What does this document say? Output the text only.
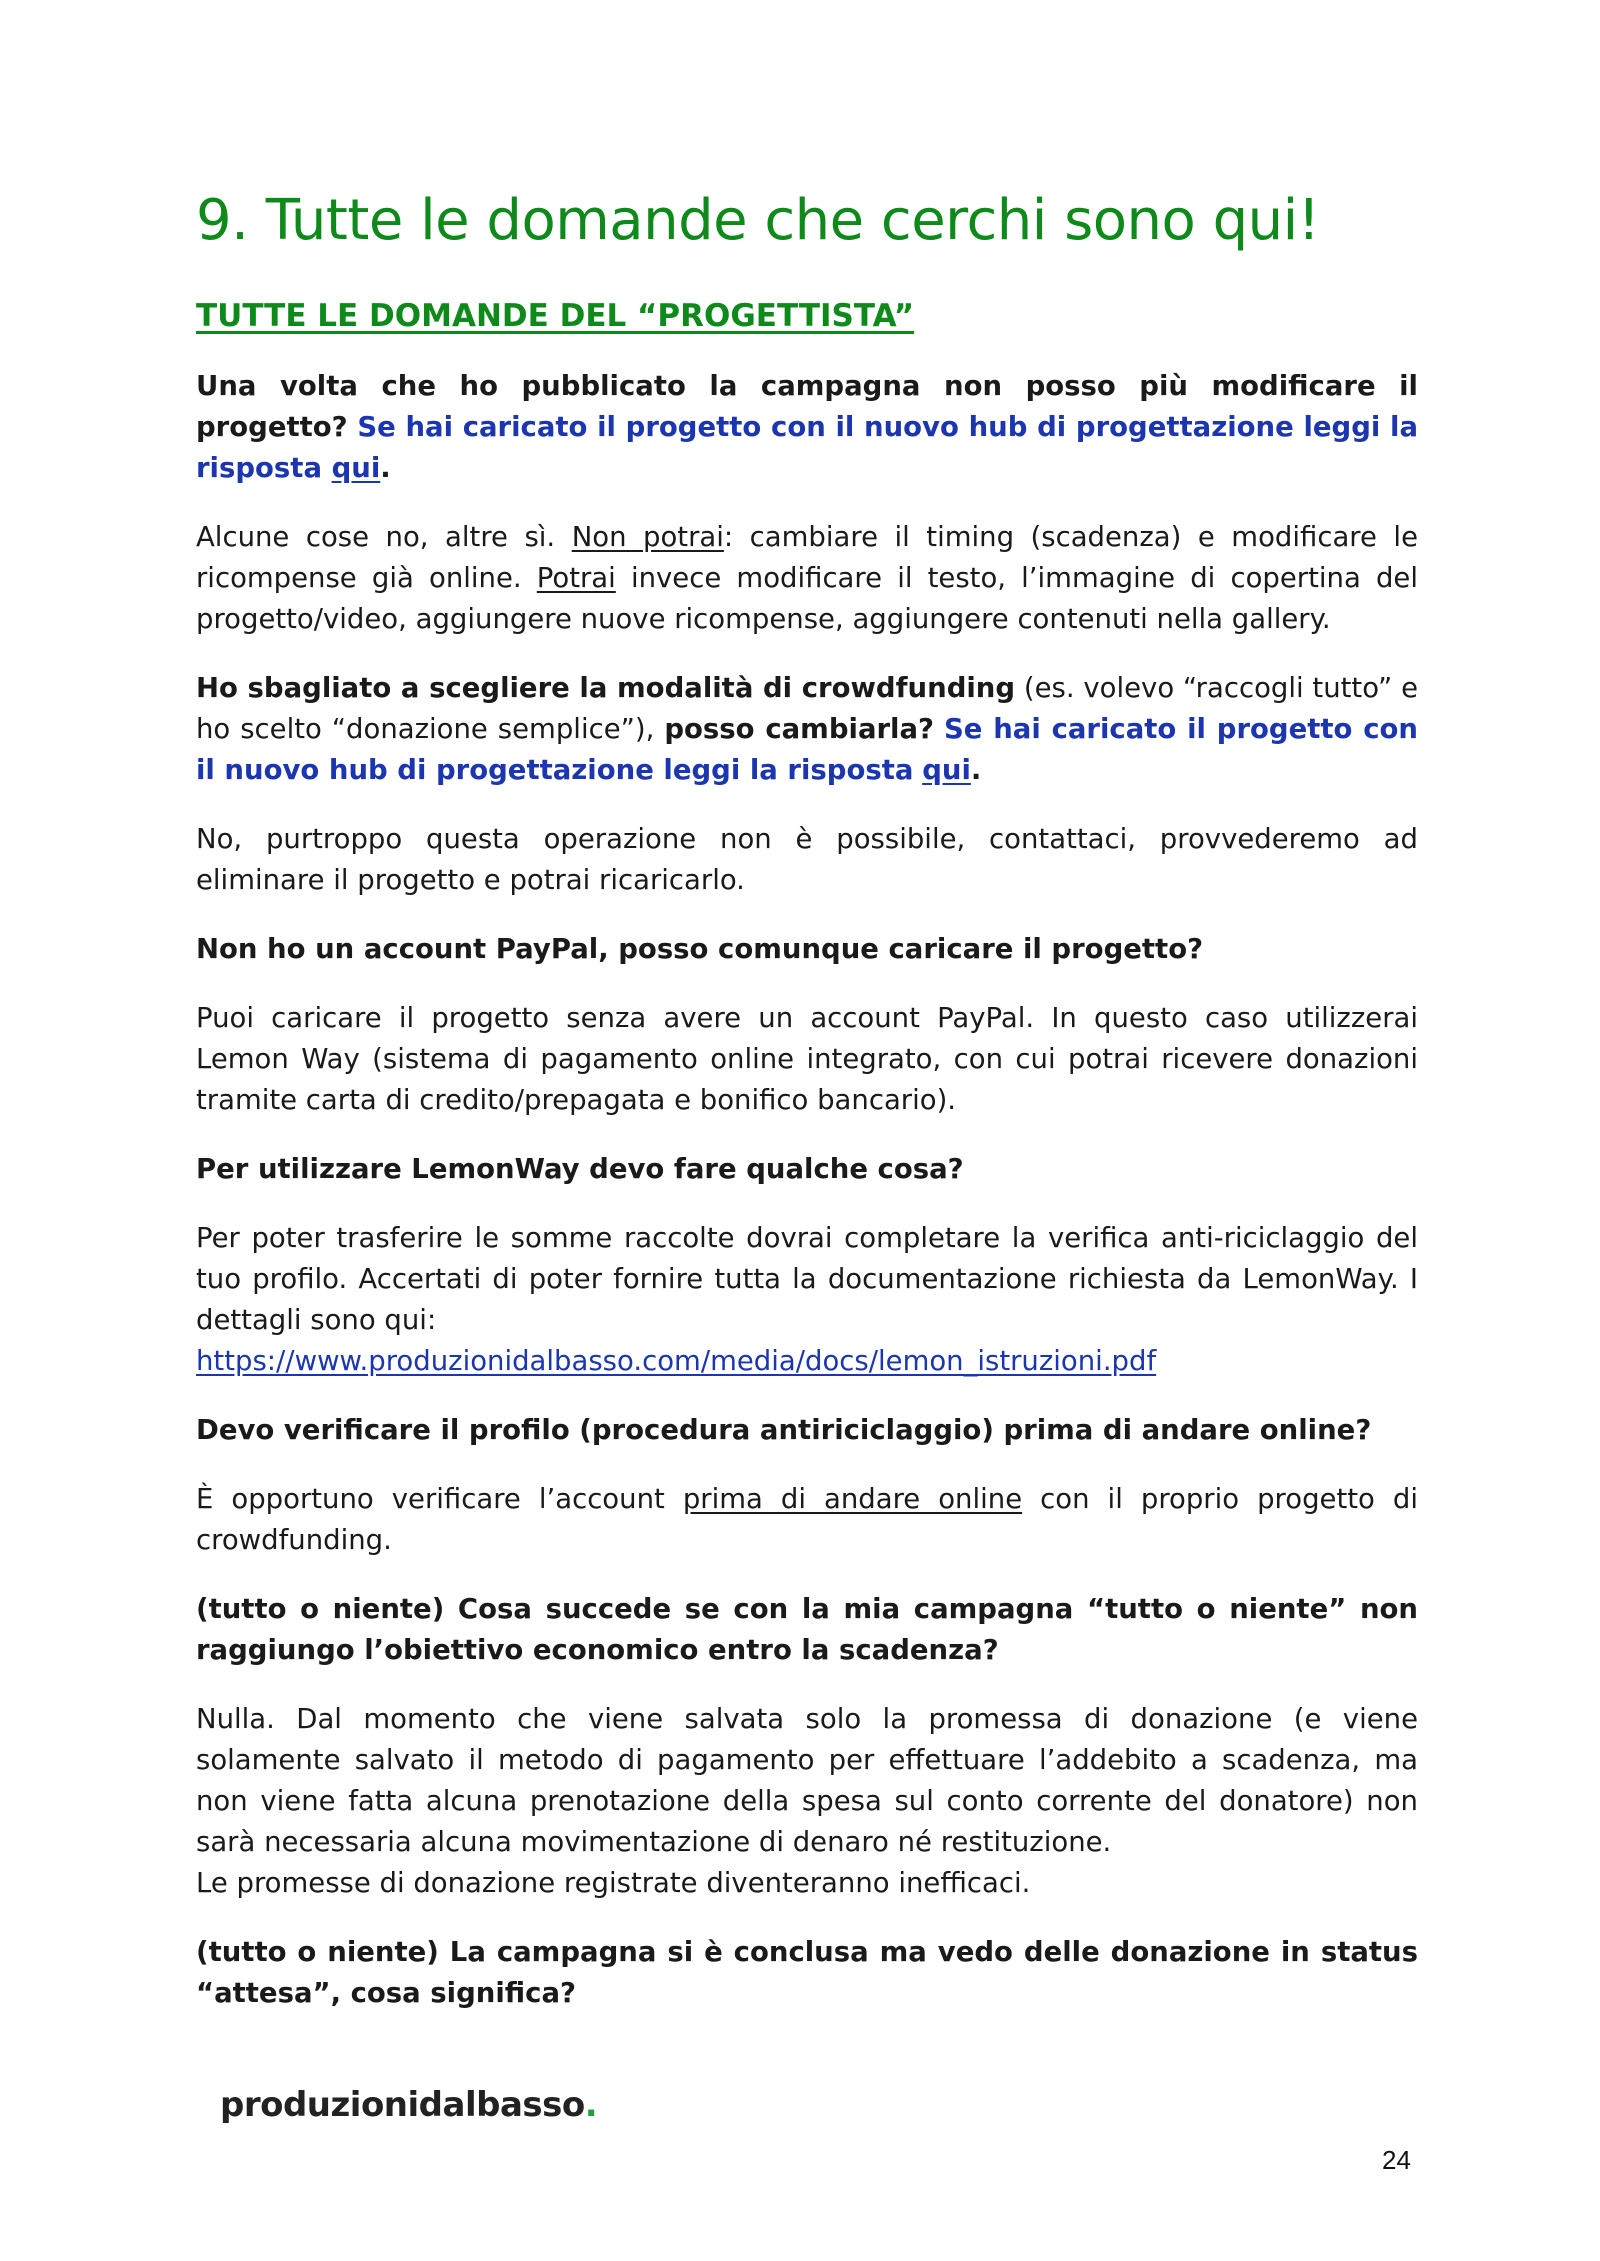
9. Tutte le domande che cerchi sono qui!
TUTTE LE DOMANDE DEL “PROGETTISTA”

Una volta che ho pubblicato la campagna non posso più modificare il progetto? Se hai caricato il progetto con il nuovo hub di progettazione leggi la risposta qui.

Alcune cose no, altre sì. Non potrai: cambiare il timing (scadenza) e modificare le ricompense già online. Potrai invece modificare il testo, l’immagine di copertina del progetto/video, aggiungere nuove ricompense, aggiungere contenuti nella gallery.

Ho sbagliato a scegliere la modalità di crowdfunding (es. volevo “raccogli tutto” e ho scelto “donazione semplice”), posso cambiarla? Se hai caricato il progetto con il nuovo hub di progettazione leggi la risposta qui.

No, purtroppo questa operazione non è possibile, contattaci, provvederemo ad eliminare il progetto e potrai ricaricarlo.

Non ho un account PayPal, posso comunque caricare il progetto?

Puoi caricare il progetto senza avere un account PayPal. In questo caso utilizzerai Lemon Way (sistema di pagamento online integrato, con cui potrai ricevere donazioni tramite carta di credito/prepagata e bonifico bancario).

Per utilizzare LemonWay devo fare qualche cosa?

Per poter trasferire le somme raccolte dovrai completare la verifica anti-riciclaggio del tuo profilo. Accertati di poter fornire tutta la documentazione richiesta da LemonWay. I dettagli sono qui:
https://www.produzionidalbasso.com/media/docs/lemon_istruzioni.pdf

Devo verificare il profilo (procedura antiriciclaggio) prima di andare online?

È opportuno verificare l’account prima di andare online con il proprio progetto di crowdfunding.

(tutto o niente) Cosa succede se con la mia campagna “tutto o niente” non raggiungo l’obiettivo economico entro la scadenza?

Nulla. Dal momento che viene salvata solo la promessa di donazione (e viene solamente salvato il metodo di pagamento per effettuare l’addebito a scadenza, ma non viene fatta alcuna prenotazione della spesa sul conto corrente del donatore) non sarà necessaria alcuna movimentazione di denaro né restituzione.
Le promesse di donazione registrate diventeranno inefficaci.

(tutto o niente) La campagna si è conclusa ma vedo delle donazione in status “attesa”, cosa significa?

produzionidalbasso.
24
